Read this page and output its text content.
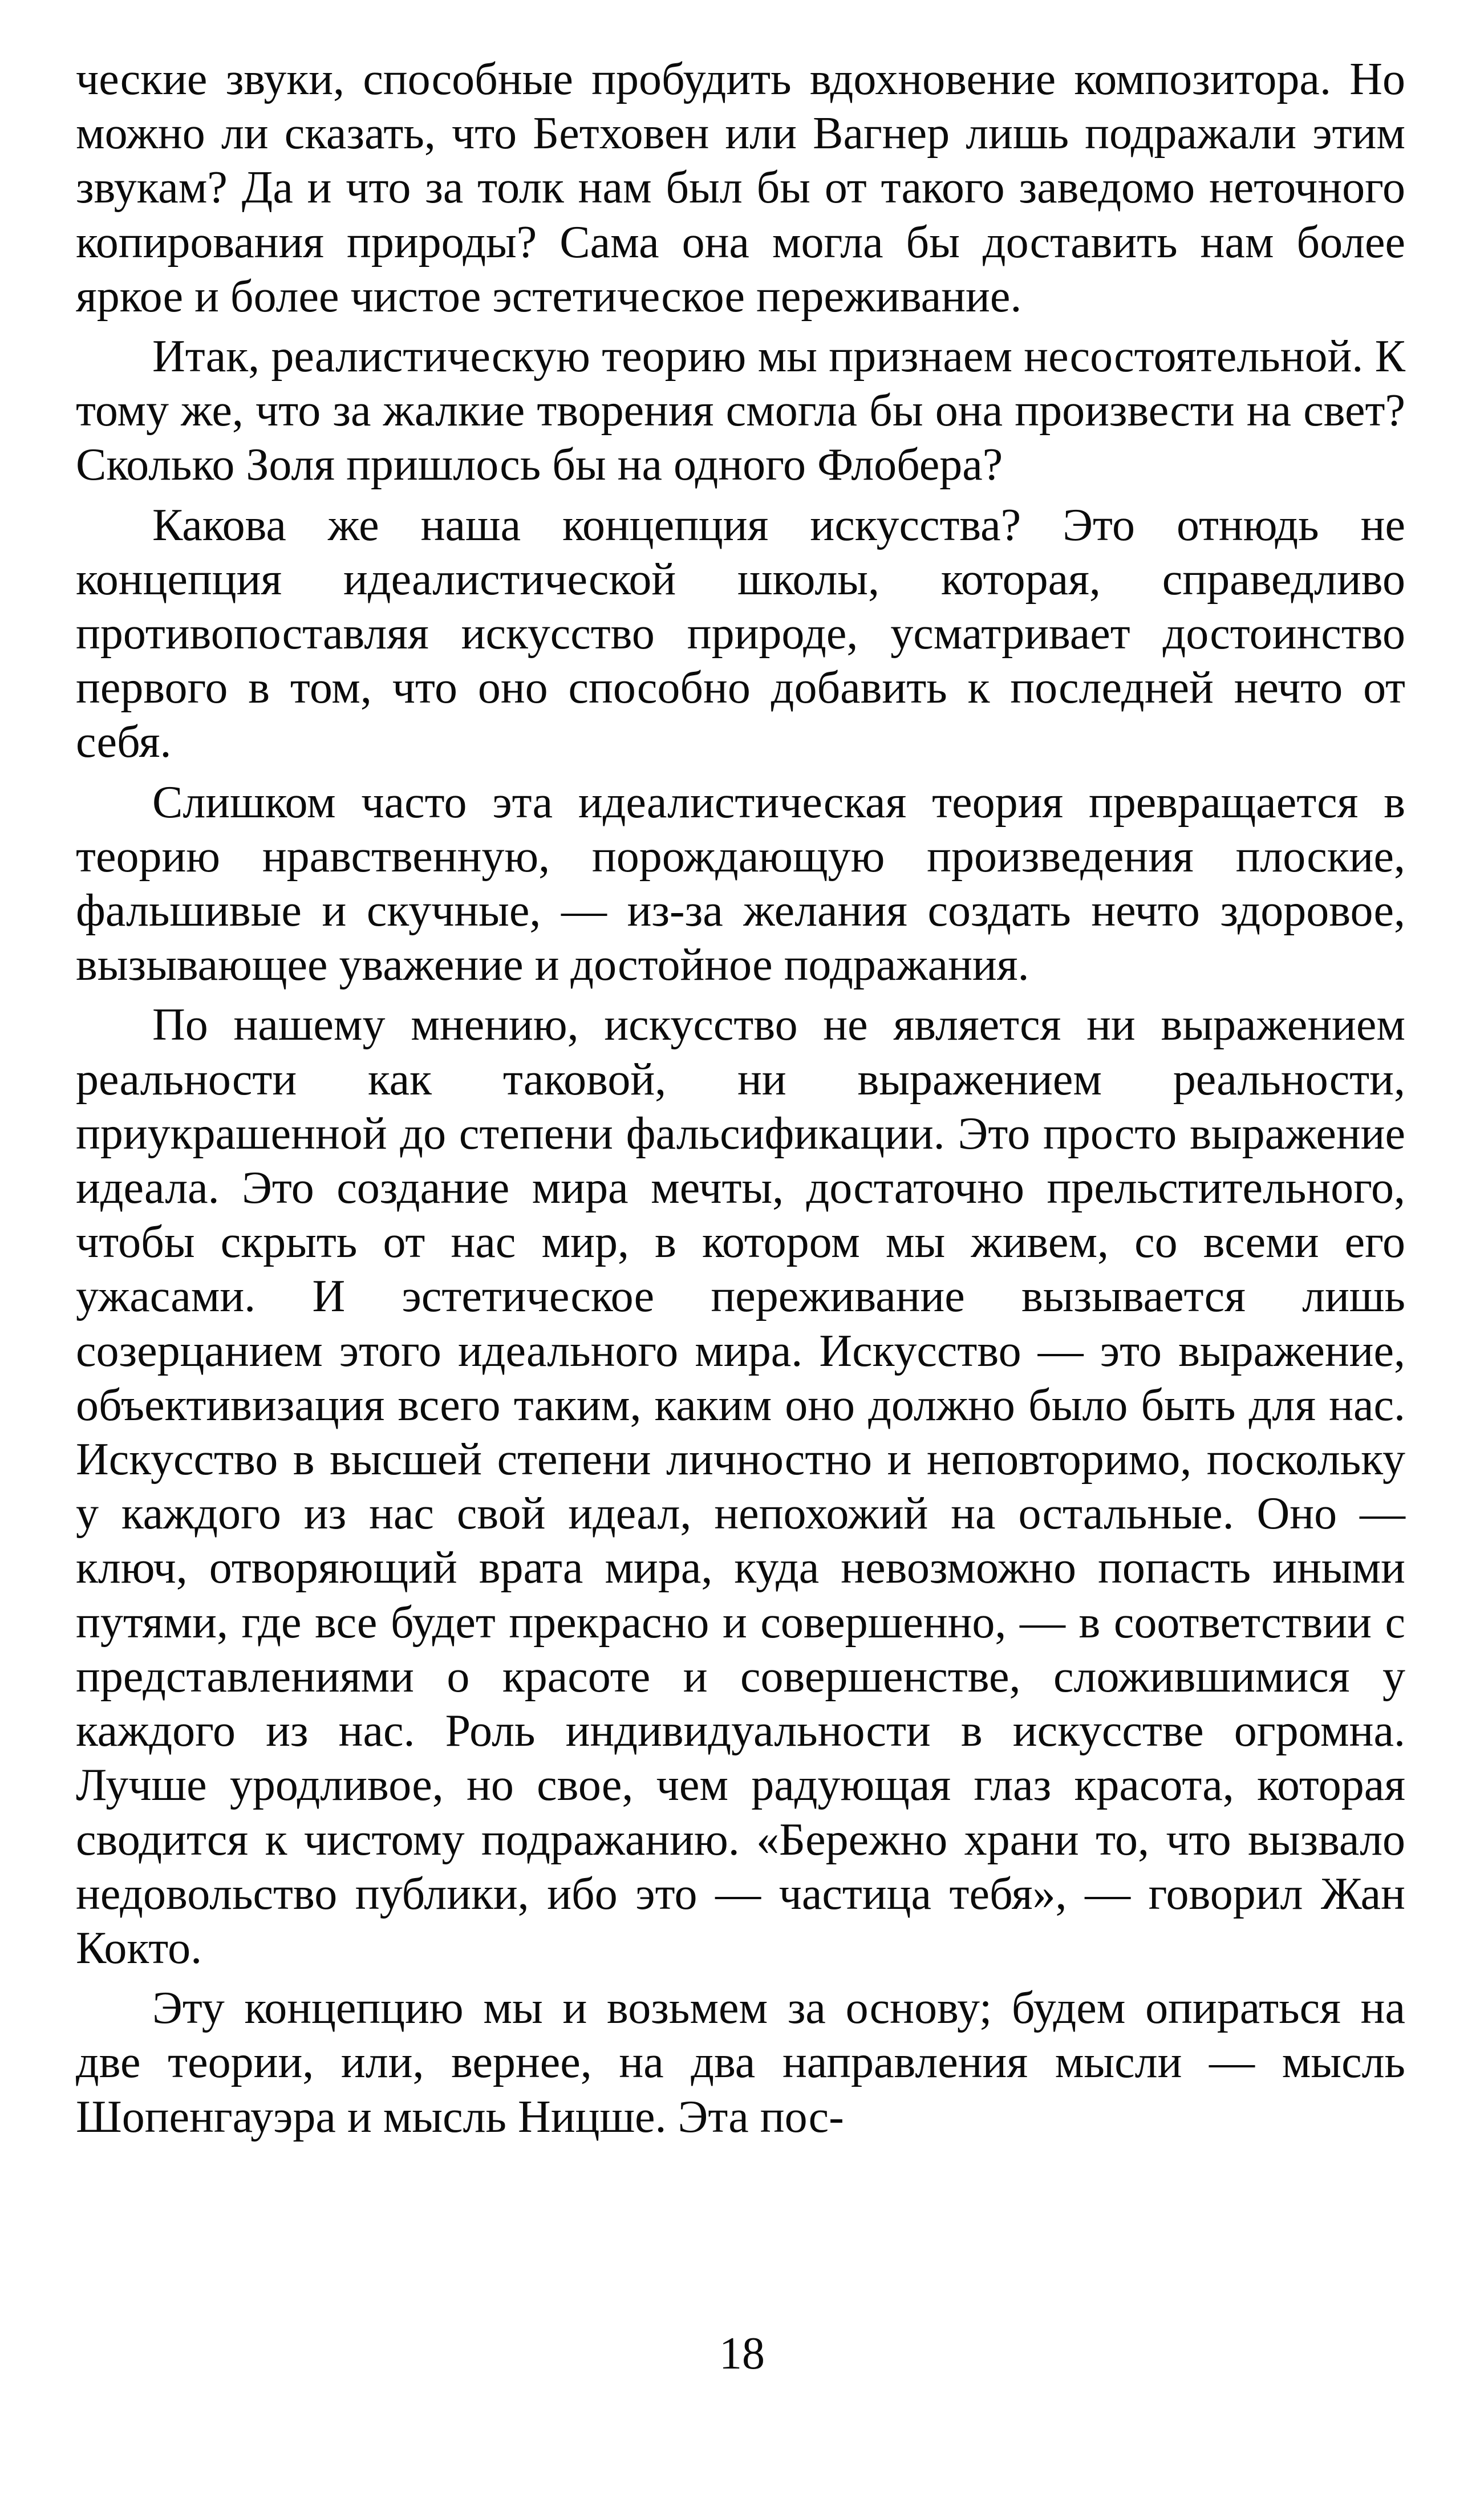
ческие звуки, способные пробудить вдохновение композитора. Но можно ли сказать, что Бетховен или Вагнер лишь подражали этим звукам? Да и что за толк нам был бы от такого заведомо неточного копирования природы? Сама она могла бы доставить нам более яркое и более чистое эстетическое переживание.

Итак, реалистическую теорию мы признаем несостоятельной. К тому же, что за жалкие творения смогла бы она произвести на свет? Сколько Золя пришлось бы на одного Флобера?

Какова же наша концепция искусства? Это отнюдь не концепция идеалистической школы, которая, справедливо противопоставляя искусство природе, усматривает достоинство первого в том, что оно способно добавить к последней нечто от себя.

Слишком часто эта идеалистическая теория превращается в теорию нравственную, порождающую произведения плоские, фальшивые и скучные, — из-за желания создать нечто здоровое, вызывающее уважение и достойное подражания.

По нашему мнению, искусство не является ни выражением реальности как таковой, ни выражением реальности, приукрашенной до степени фальсификации. Это просто выражение идеала. Это создание мира мечты, достаточно прельстительного, чтобы скрыть от нас мир, в котором мы живем, со всеми его ужасами. И эстетическое переживание вызывается лишь созерцанием этого идеального мира. Искусство — это выражение, объективизация всего таким, каким оно должно было быть для нас. Искусство в высшей степени личностно и неповторимо, поскольку у каждого из нас свой идеал, непохожий на остальные. Оно — ключ, отворяющий врата мира, куда невозможно попасть иными путями, где все будет прекрасно и совершенно, — в соответствии с представлениями о красоте и совершенстве, сложившимися у каждого из нас. Роль индивидуальности в искусстве огромна. Лучше уродливое, но свое, чем радующая глаз красота, которая сводится к чистому подражанию. «Бережно храни то, что вызвало недовольство публики, ибо это — частица тебя», — говорил Жан Кокто.

Эту концепцию мы и возьмем за основу; будем опираться на две теории, или, вернее, на два направления мысли — мысль Шопенгауэра и мысль Ницше. Эта пос-

18
